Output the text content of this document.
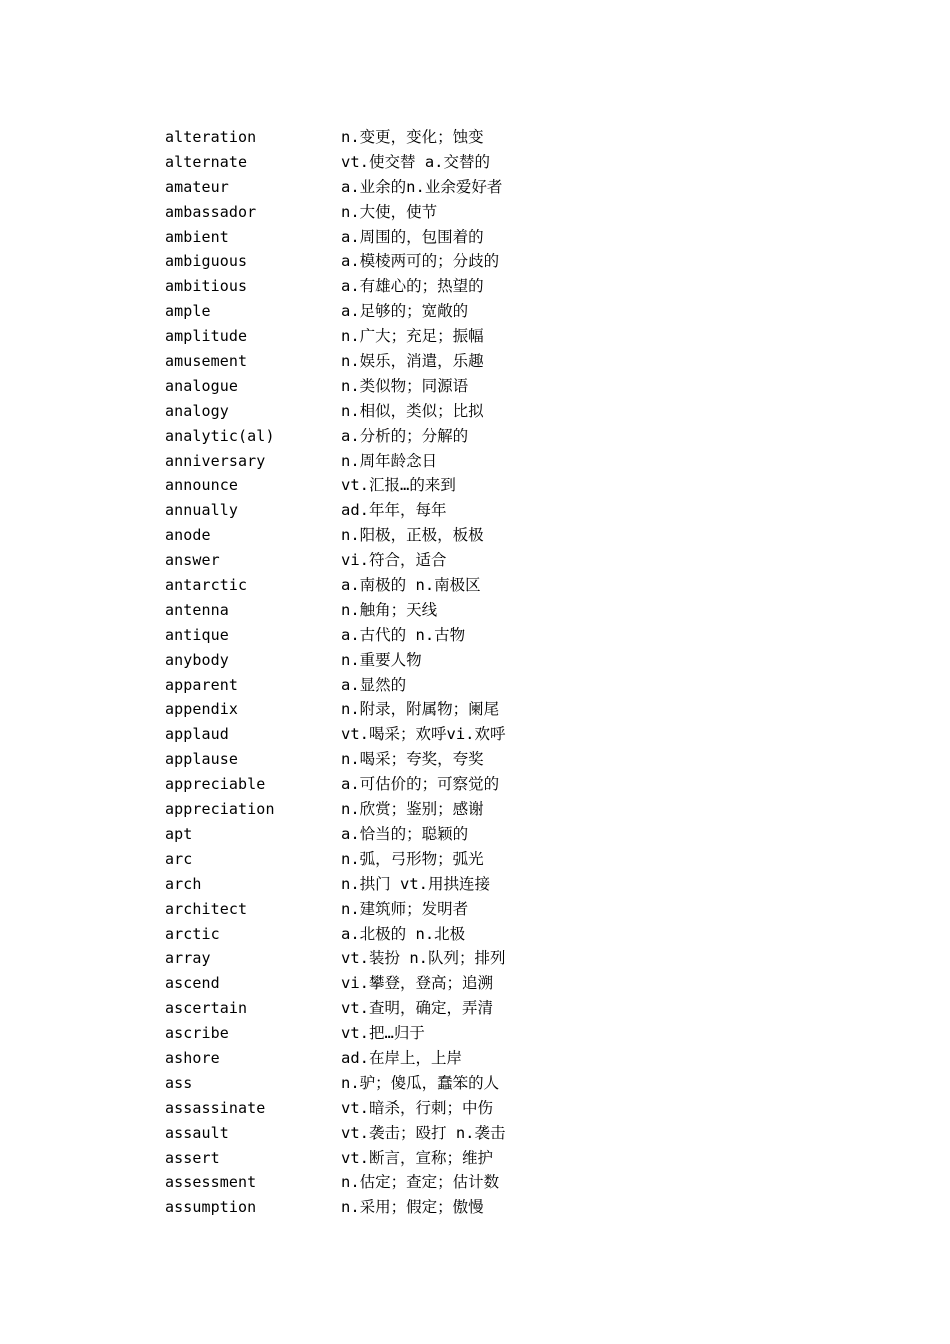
alteration	n.变更，变化；蚀变
alternate	vt.使交替 a.交替的
amateur	a.业余的n.业余爱好者
ambassador	n.大使，使节
ambient	a.周围的，包围着的
ambiguous	a.模棱两可的；分歧的
ambitious	a.有雄心的；热望的
ample	a.足够的；宽敞的
amplitude	n.广大；充足；振幅
amusement	n.娱乐，消遣，乐趣
analogue	n.类似物；同源语
analogy	n.相似，类似；比拟
analytic(al)	a.分析的；分解的
anniversary	n.周年龄念日
announce	vt.汇报…的来到
annually	ad.年年，每年
anode	n.阳极，正极，板极
answer	vi.符合，适合
antarctic	a.南极的 n.南极区
antenna	n.触角；天线
antique	a.古代的 n.古物
anybody	n.重要人物
apparent	a.显然的
appendix	n.附录，附属物；阑尾
applaud	vt.喝采；欢呼vi.欢呼
applause	n.喝采；夸奖，夸奖
appreciable	a.可估价的；可察觉的
appreciation	n.欣赏；鉴别；感谢
apt	a.恰当的；聪颖的
arc	n.弧，弓形物；弧光
arch	n.拱门 vt.用拱连接
architect	n.建筑师；发明者
arctic	a.北极的 n.北极
array	vt.装扮 n.队列；排列
ascend	vi.攀登，登高；追溯
ascertain	vt.查明，确定，弄清
ascribe	vt.把…归于
ashore	ad.在岸上，上岸
ass	n.驴；傻瓜，蠢笨的人
assassinate	vt.暗杀，行刺；中伤
assault	vt.袭击；殴打 n.袭击
assert	vt.断言，宣称；维护
assessment	n.估定；查定；估计数
assumption	n.采用；假定；傲慢
